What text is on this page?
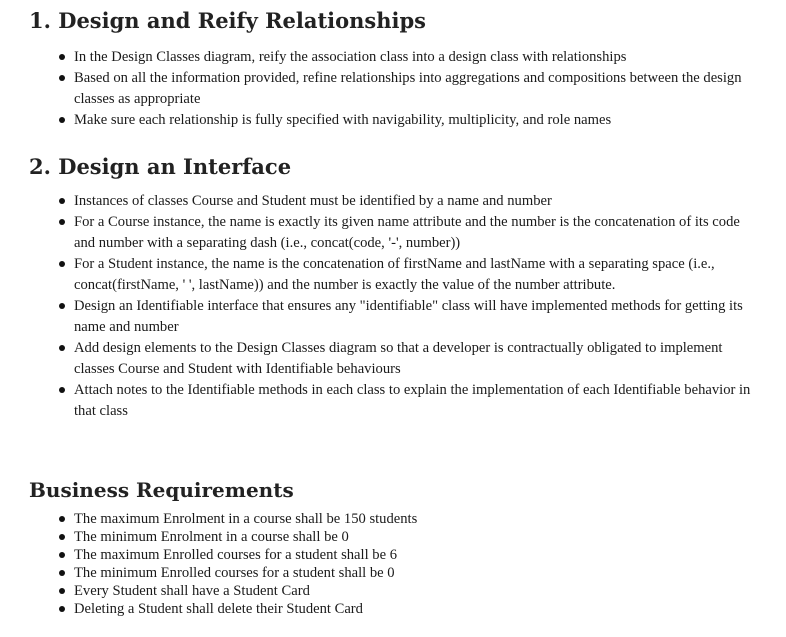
1. Design and Reify Relationships
In the Design Classes diagram, reify the association class into a design class with relationships
Based on all the information provided, refine relationships into aggregations and compositions between the design classes as appropriate
Make sure each relationship is fully specified with navigability, multiplicity, and role names
2. Design an Interface
Instances of classes Course and Student must be identified by a name and number
For a Course instance, the name is exactly its given name attribute and the number is the concatenation of its code and number with a separating dash (i.e., concat(code, '-', number))
For a Student instance, the name is the concatenation of firstName and lastName with a separating space (i.e., concat(firstName, ' ', lastName)) and the number is exactly the value of the number attribute.
Design an Identifiable interface that ensures any "identifiable" class will have implemented methods for getting its name and number
Add design elements to the Design Classes diagram so that a developer is contractually obligated to implement classes Course and Student with Identifiable behaviours
Attach notes to the Identifiable methods in each class to explain the implementation of each Identifiable behavior in that class
Business Requirements
The maximum Enrolment in a course shall be 150 students
The minimum Enrolment in a course shall be 0
The maximum Enrolled courses for a student shall be 6
The minimum Enrolled courses for a student shall be 0
Every Student shall have a Student Card
Deleting a Student shall delete their Student Card
